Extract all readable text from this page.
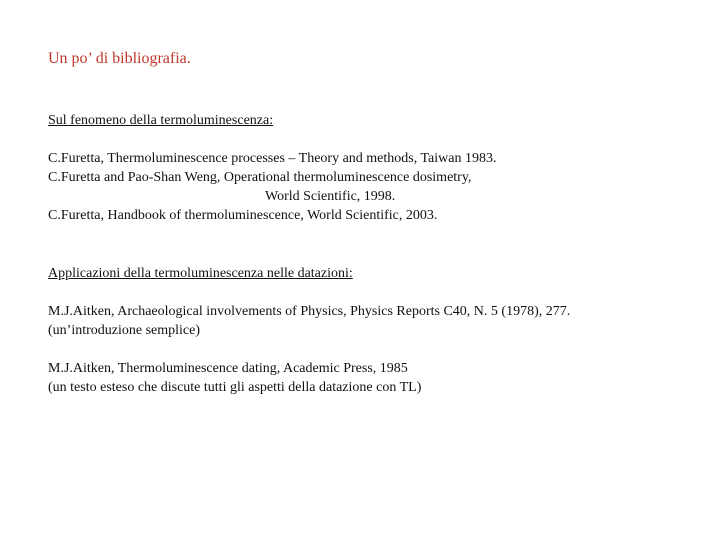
Un po’ di bibliografia.
Sul fenomeno della termoluminescenza:
C.Furetta, Thermoluminescence processes – Theory and methods, Taiwan 1983.
C.Furetta and Pao-Shan Weng, Operational thermoluminescence dosimetry,
World Scientific, 1998.
C.Furetta, Handbook of thermoluminescence, World Scientific, 2003.
Applicazioni della termoluminescenza nelle datazioni:
M.J.Aitken, Archaeological involvements of Physics, Physics Reports C40, N. 5 (1978), 277.
(un’introduzione semplice)
M.J.Aitken, Thermoluminescence dating, Academic Press, 1985
(un testo esteso che discute tutti gli aspetti della datazione con TL)
